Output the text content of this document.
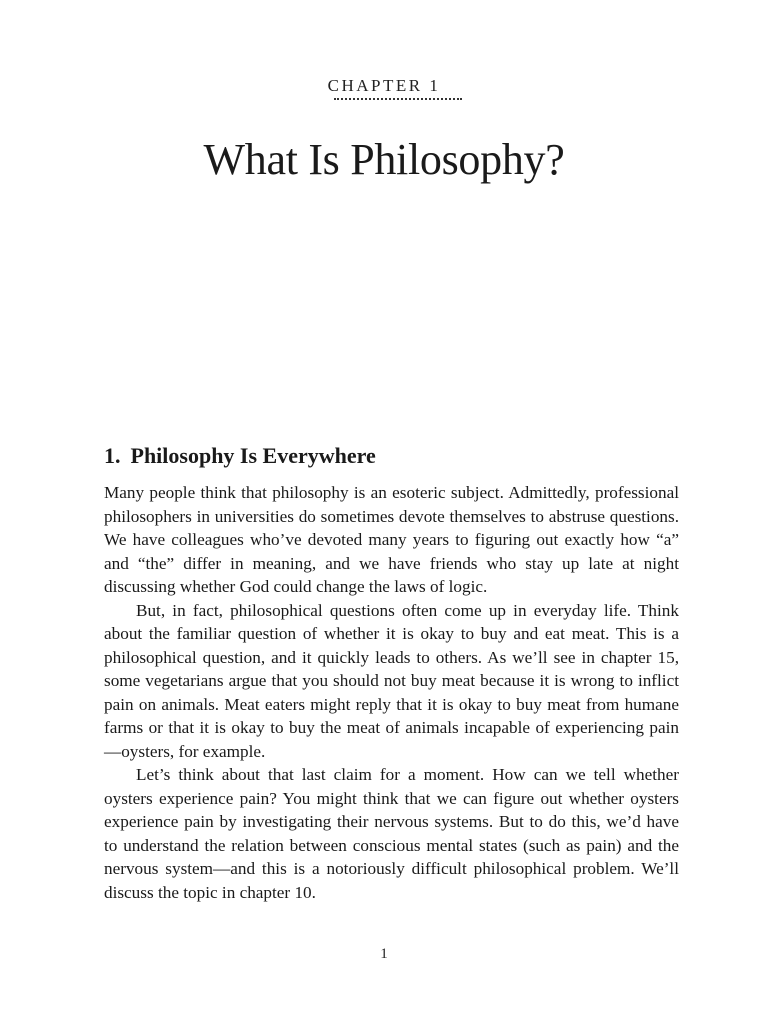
CHAPTER 1
What Is Philosophy?
1. Philosophy Is Everywhere

Many people think that philosophy is an esoteric subject. Admittedly, professional philosophers in universities do sometimes devote themselves to abstruse questions. We have colleagues who’ve devoted many years to figuring out exactly how “a” and “the” differ in meaning, and we have friends who stay up late at night discussing whether God could change the laws of logic.

But, in fact, philosophical questions often come up in everyday life. Think about the familiar question of whether it is okay to buy and eat meat. This is a philosophical question, and it quickly leads to others. As we’ll see in chapter 15, some vegetarians argue that you should not buy meat because it is wrong to inflict pain on animals. Meat eaters might reply that it is okay to buy meat from humane farms or that it is okay to buy the meat of animals incapable of experiencing pain—oysters, for example.

Let’s think about that last claim for a moment. How can we tell whether oysters experience pain? You might think that we can figure out whether oysters experience pain by investigating their nervous systems. But to do this, we’d have to understand the relation between conscious mental states (such as pain) and the nervous system—and this is a notoriously difficult philosophical problem. We’ll discuss the topic in chapter 10.

1
